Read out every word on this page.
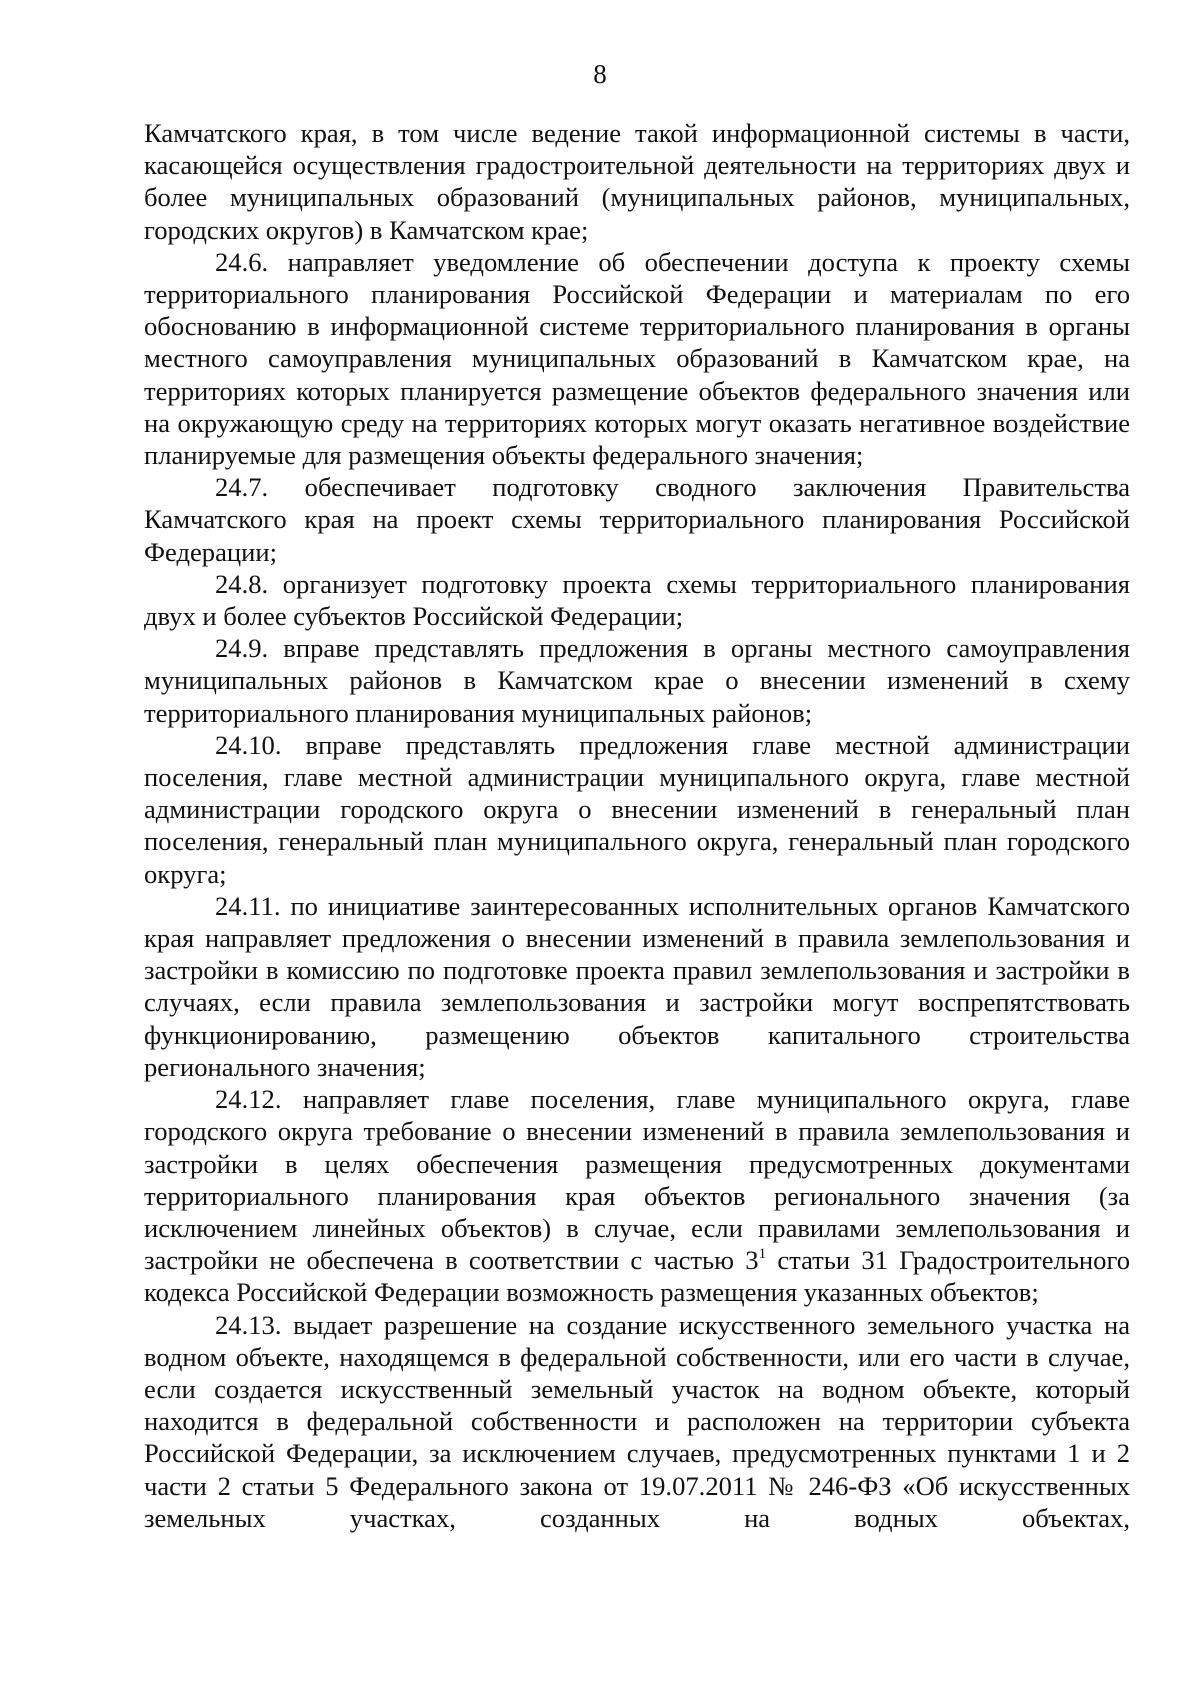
8

Камчатского края, в том числе ведение такой информационной системы в части, касающейся осуществления градостроительной деятельности на территориях двух и более муниципальных образований (муниципальных районов, муниципальных, городских округов) в Камчатском крае;

24.6. направляет уведомление об обеспечении доступа к проекту схемы территориального планирования Российской Федерации и материалам по его обоснованию в информационной системе территориального планирования в органы местного самоуправления муниципальных образований в Камчатском крае, на территориях которых планируется размещение объектов федерального значения или на окружающую среду на территориях которых могут оказать негативное воздействие планируемые для размещения объекты федерального значения;

24.7. обеспечивает подготовку сводного заключения Правительства Камчатского края на проект схемы территориального планирования Российской Федерации;

24.8. организует подготовку проекта схемы территориального планирования двух и более субъектов Российской Федерации;

24.9. вправе представлять предложения в органы местного самоуправления муниципальных районов в Камчатском крае о внесении изменений в схему территориального планирования муниципальных районов;

24.10. вправе представлять предложения главе местной администрации поселения, главе местной администрации муниципального округа, главе местной администрации городского округа о внесении изменений в генеральный план поселения, генеральный план муниципального округа, генеральный план городского округа;

24.11. по инициативе заинтересованных исполнительных органов Камчатского края направляет предложения о внесении изменений в правила землепользования и застройки в комиссию по подготовке проекта правил землепользования и застройки в случаях, если правила землепользования и застройки могут воспрепятствовать функционированию, размещению объектов капитального строительства регионального значения;

24.12. направляет главе поселения, главе муниципального округа, главе городского округа требование о внесении изменений в правила землепользования и застройки в целях обеспечения размещения предусмотренных документами территориального планирования края объектов регионального значения (за исключением линейных объектов) в случае, если правилами землепользования и застройки не обеспечена в соответствии с частью $3^1$ статьи 31 Градостроительного кодекса Российской Федерации возможность размещения указанных объектов;

24.13. выдает разрешение на создание искусственного земельного участка на водном объекте, находящемся в федеральной собственности, или его части в случае, если создается искусственный земельный участок на водном объекте, который находится в федеральной собственности и расположен на территории субъекта Российской Федерации, за исключением случаев, предусмотренных пунктами 1 и 2 части 2 статьи 5 Федерального закона от 19.07.2011 № 246-ФЗ «Об искусственных земельных участках, созданных на водных объектах,
